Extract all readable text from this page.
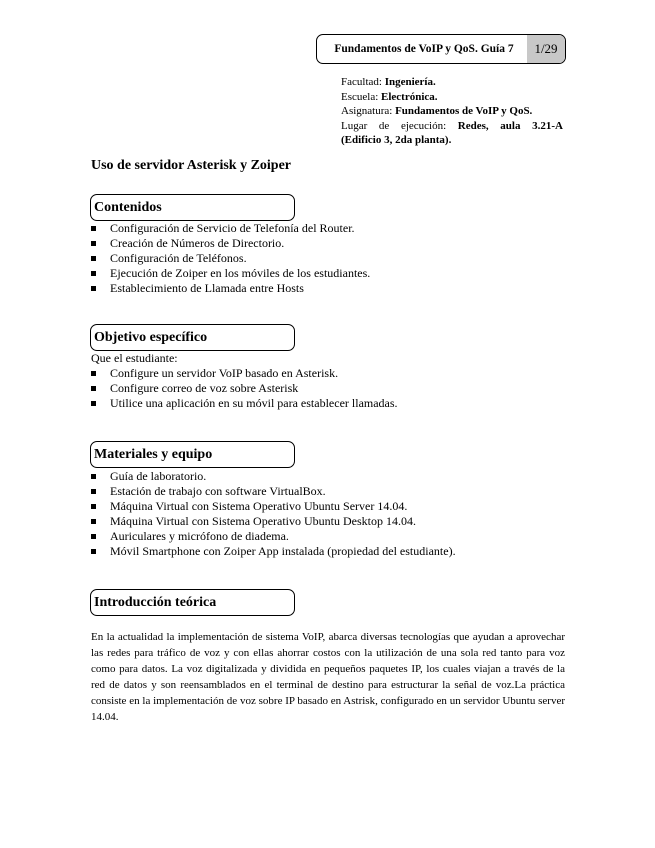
Fundamentos de VoIP y QoS. Guía 7	1/29

Facultad: Ingeniería.

Escuela: Electrónica.

Asignatura: Fundamentos de VoIP y QoS.

Lugar de ejecución: Redes, aula 3.21-A

(Edificio 3, 2da planta).

Uso de servidor Asterisk y Zoiper
Contenidos
Configuración de Servicio de Telefonía del Router.
Creación de Números de Directorio.
Configuración de Teléfonos.
Ejecución de Zoiper en los móviles de los estudiantes.
Establecimiento de Llamada entre Hosts
Objetivo específico
Que el estudiante:
Configure un servidor VoIP basado en Asterisk.
Configure correo de voz sobre Asterisk
Utilice una aplicación en su móvil para establecer llamadas.
Materiales y equipo
Guía de laboratorio.
Estación de trabajo con software VirtualBox.
Máquina Virtual con Sistema Operativo Ubuntu Server 14.04.
Máquina Virtual con Sistema Operativo Ubuntu Desktop 14.04.
Auriculares y micrófono de diadema.
Móvil Smartphone con Zoiper App instalada (propiedad del estudiante).
Introducción teórica

En la actualidad la implementación de sistema VoIP, abarca diversas tecnologías que ayudan a aprovechar las redes para tráfico de voz y con ellas ahorrar costos con la utilización de una sola red tanto para voz como para datos. La voz digitalizada y dividida en pequeños paquetes IP, los cuales viajan a través de la red de datos y son reensamblados en el terminal de destino para estructurar la señal de voz.La práctica consiste en la implementación de voz sobre IP basado en Astrisk, configurado en un servidor Ubuntu server 14.04.
